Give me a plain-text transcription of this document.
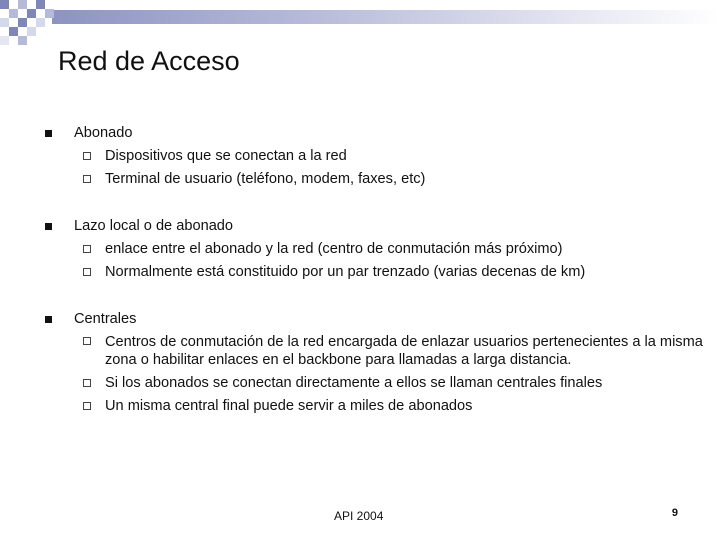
Red de Acceso
Abonado
Dispositivos que se conectan a la red
Terminal de usuario (teléfono, modem, faxes, etc)
Lazo local o de abonado
enlace entre el abonado y la red (centro de conmutación más próximo)
Normalmente está constituido por un par trenzado (varias decenas de km)
Centrales
Centros de conmutación de la red encargada de enlazar usuarios pertenecientes a la misma zona o habilitar enlaces en el backbone para llamadas a larga distancia.
Si los abonados se conectan directamente a ellos se llaman centrales finales
Un misma central final puede servir a miles de abonados
API 2004	9
